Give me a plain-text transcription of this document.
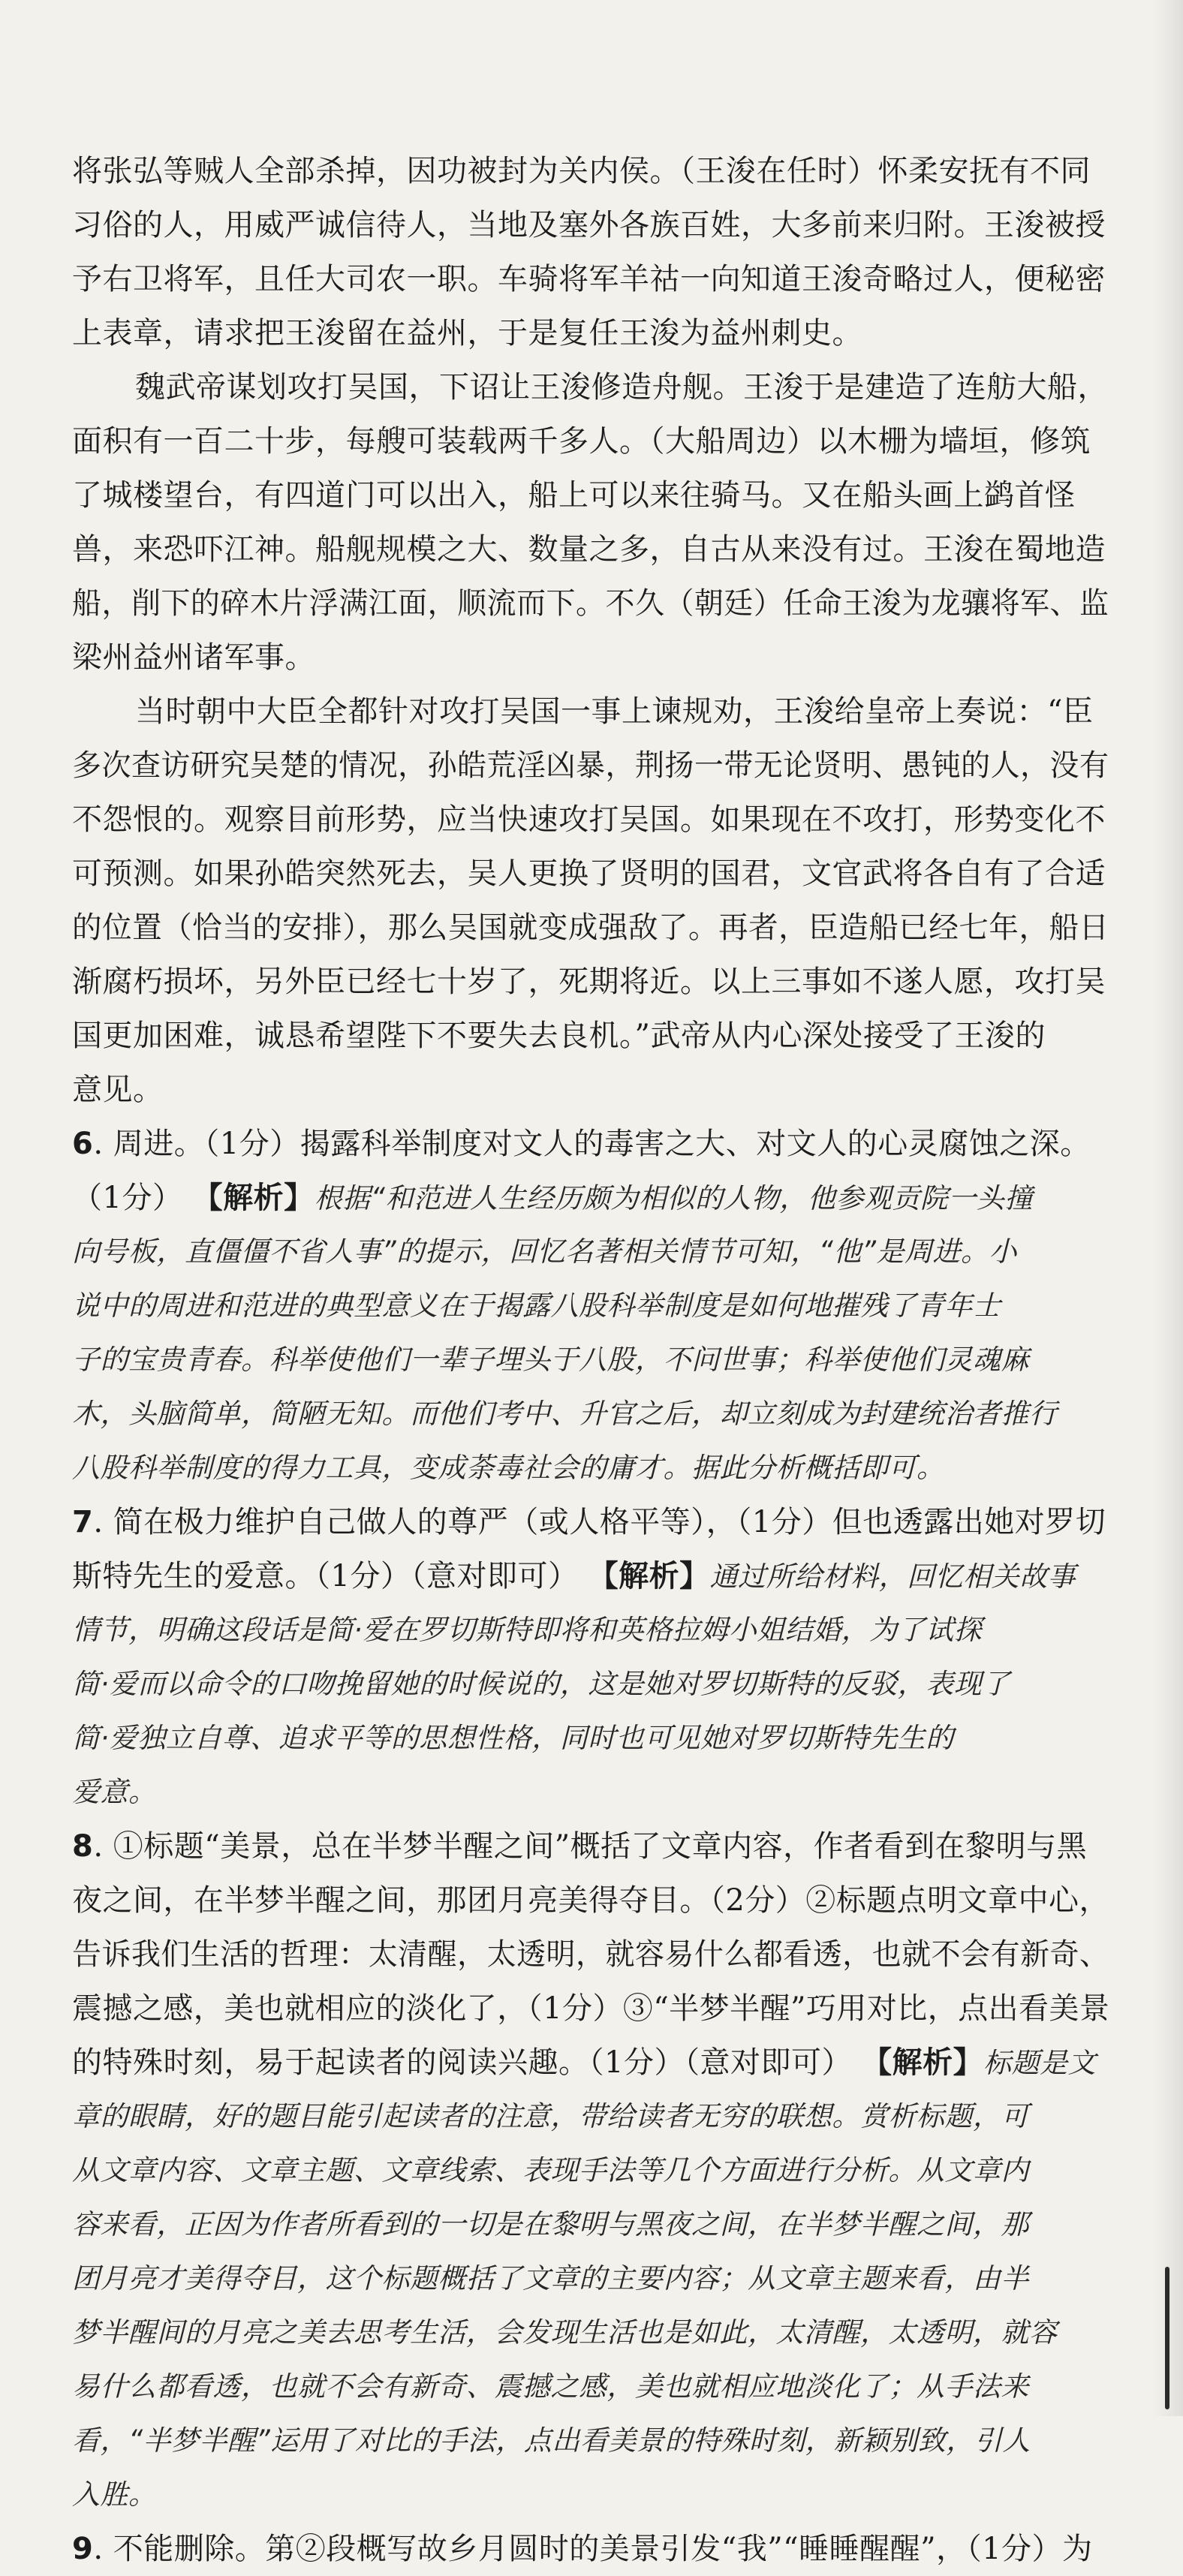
将张弘等贼人全部杀掉，因功被封为关内侯。（王浚在任时）怀柔安抚有不同
习俗的人，用威严诚信待人，当地及塞外各族百姓，大多前来归附。王浚被授
予右卫将军，且任大司农一职。车骑将军羊祜一向知道王浚奇略过人，便秘密
上表章，请求把王浚留在益州，于是复任王浚为益州刺史。
魏武帝谋划攻打吴国，下诏让王浚修造舟舰。王浚于是建造了连舫大船，
面积有一百二十步，每艘可装载两千多人。（大船周边）以木栅为墙垣，修筑
了城楼望台，有四道门可以出入，船上可以来往骑马。又在船头画上鹢首怪
兽，来恐吓江神。船舰规模之大、数量之多，自古从来没有过。王浚在蜀地造
船，削下的碎木片浮满江面，顺流而下。不久（朝廷）任命王浚为龙骧将军、监
梁州益州诸军事。
当时朝中大臣全都针对攻打吴国一事上谏规劝，王浚给皇帝上奏说：“臣
多次查访研究吴楚的情况，孙皓荒淫凶暴，荆扬一带无论贤明、愚钝的人，没有
不怨恨的。观察目前形势，应当快速攻打吴国。如果现在不攻打，形势变化不
可预测。如果孙皓突然死去，吴人更换了贤明的国君，文官武将各自有了合适
的位置（恰当的安排），那么吴国就变成强敌了。再者，臣造船已经七年，船日
渐腐朽损坏，另外臣已经七十岁了，死期将近。以上三事如不遂人愿，攻打吴
国更加困难，诚恳希望陛下不要失去良机。”武帝从内心深处接受了王浚的
意见。
6. 周进。（1分）揭露科举制度对文人的毒害之大、对文人的心灵腐蚀之深。
（1分） 【解析】根据“和范进人生经历颇为相似的人物，他参观贡院一头撞
向号板，直僵僵不省人事”的提示，回忆名著相关情节可知，“他”是周进。小
说中的周进和范进的典型意义在于揭露八股科举制度是如何地摧残了青年士
子的宝贵青春。科举使他们一辈子埋头于八股，不问世事；科举使他们灵魂麻
木，头脑简单，简陋无知。而他们考中、升官之后，却立刻成为封建统治者推行
八股科举制度的得力工具，变成荼毒社会的庸才。据此分析概括即可。
7. 简在极力维护自己做人的尊严（或人格平等），（1分）但也透露出她对罗切
斯特先生的爱意。（1分）（意对即可） 【解析】通过所给材料，回忆相关故事
情节，明确这段话是简·爱在罗切斯特即将和英格拉姆小姐结婚，为了试探
简·爱而以命令的口吻挽留她的时候说的，这是她对罗切斯特的反驳，表现了
简·爱独立自尊、追求平等的思想性格，同时也可见她对罗切斯特先生的
爱意。
8. ①标题“美景，总在半梦半醒之间”概括了文章内容，作者看到在黎明与黑
夜之间，在半梦半醒之间，那团月亮美得夺目。（2分）②标题点明文章中心，
告诉我们生活的哲理：太清醒，太透明，就容易什么都看透，也就不会有新奇、
震撼之感，美也就相应的淡化了，（1分）③“半梦半醒”巧用对比，点出看美景
的特殊时刻，易于起读者的阅读兴趣。（1分）（意对即可） 【解析】标题是文
章的眼睛，好的题目能引起读者的注意，带给读者无穷的联想。赏析标题，可
从文章内容、文章主题、文章线索、表现手法等几个方面进行分析。从文章内
容来看，正因为作者所看到的一切是在黎明与黑夜之间，在半梦半醒之间，那
团月亮才美得夺目，这个标题概括了文章的主要内容；从文章主题来看，由半
梦半醒间的月亮之美去思考生活，会发现生活也是如此，太清醒，太透明，就容
易什么都看透，也就不会有新奇、震撼之感，美也就相应地淡化了；从手法来
看，“半梦半醒”运用了对比的手法，点出看美景的特殊时刻，新颖别致，引人
入胜。
9. 不能删除。第②段概写故乡月圆时的美景引发“我”“睡睡醒醒”，（1分）为
